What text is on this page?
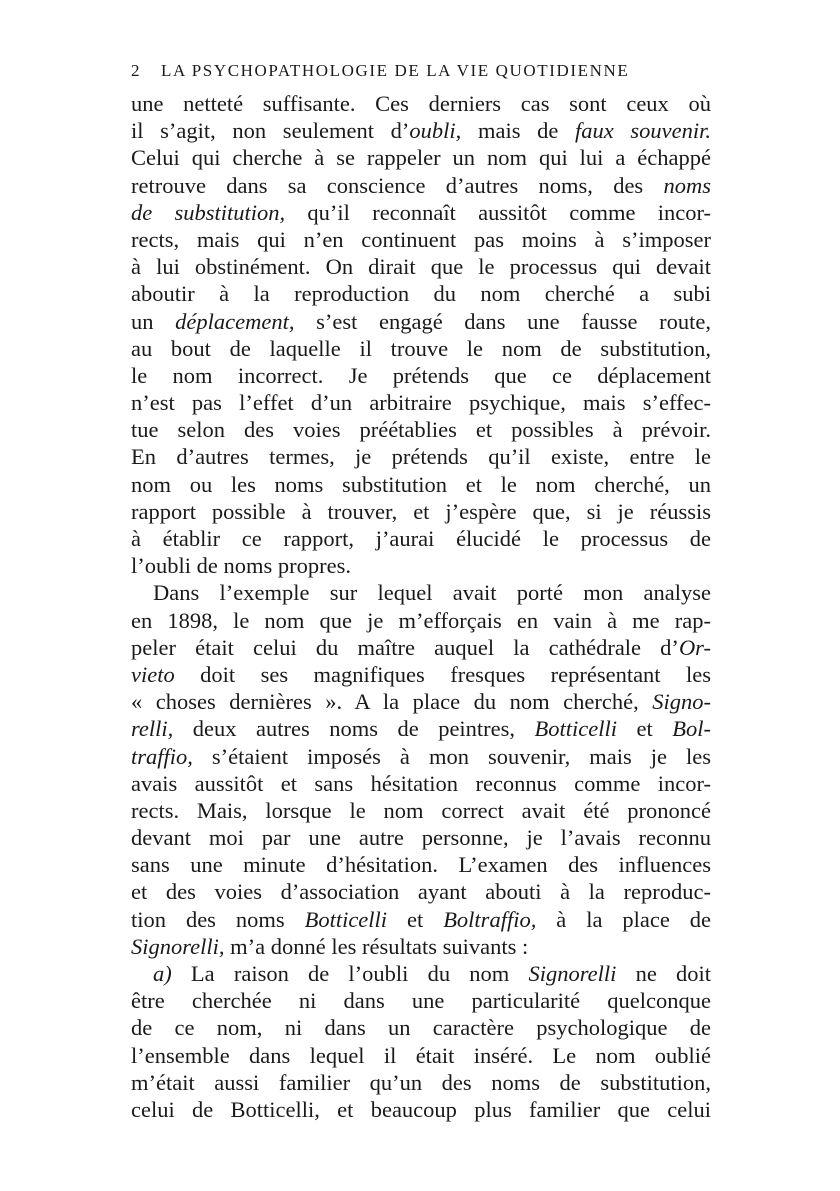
2 LA PSYCHOPATHOLOGIE DE LA VIE QUOTIDIENNE
une netteté suffisante. Ces derniers cas sont ceux où
il s’agit, non seulement d’oubli, mais de faux souvenir.
Celui qui cherche à se rappeler un nom qui lui a échappé
retrouve dans sa conscience d’autres noms, des noms
de substitution, qu’il reconnaît aussitôt comme incor-
rects, mais qui n’en continuent pas moins à s’imposer
à lui obstinément. On dirait que le processus qui devait
aboutir à la reproduction du nom cherché a subi
un déplacement, s’est engagé dans une fausse route,
au bout de laquelle il trouve le nom de substitution,
le nom incorrect. Je prétends que ce déplacement
n’est pas l’effet d’un arbitraire psychique, mais s’effec-
tue selon des voies préétablies et possibles à prévoir.
En d’autres termes, je prétends qu’il existe, entre le
nom ou les noms substitution et le nom cherché, un
rapport possible à trouver, et j’espère que, si je réussis
à établir ce rapport, j’aurai élucidé le processus de
l’oubli de noms propres.
Dans l’exemple sur lequel avait porté mon analyse
en 1898, le nom que je m’efforçais en vain à me rap-
peler était celui du maître auquel la cathédrale d’Or-
vieto doit ses magnifiques fresques représentant les
« choses dernières ». A la place du nom cherché, Signo-
relli, deux autres noms de peintres, Botticelli et Bol-
traffio, s’étaient imposés à mon souvenir, mais je les
avais aussitôt et sans hésitation reconnus comme incor-
rects. Mais, lorsque le nom correct avait été prononcé
devant moi par une autre personne, je l’avais reconnu
sans une minute d’hésitation. L’examen des influences
et des voies d’association ayant abouti à la reproduc-
tion des noms Botticelli et Boltraffio, à la place de
Signorelli, m’a donné les résultats suivants :
a) La raison de l’oubli du nom Signorelli ne doit
être cherchée ni dans une particularité quelconque
de ce nom, ni dans un caractère psychologique de
l’ensemble dans lequel il était inséré. Le nom oublié
m’était aussi familier qu’un des noms de substitution,
celui de Botticelli, et beaucoup plus familier que celui
